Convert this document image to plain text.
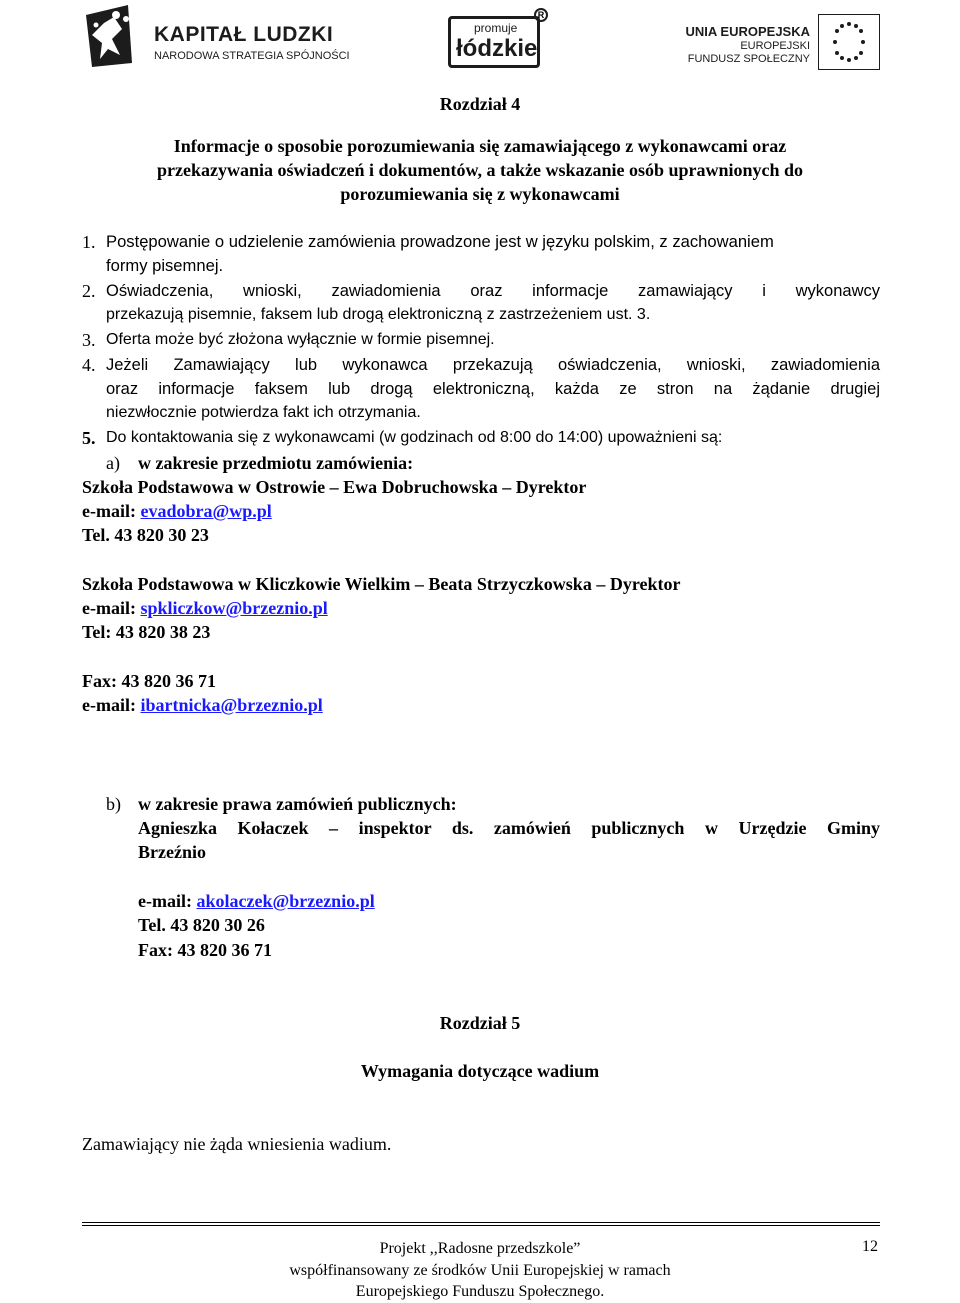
KAPITAŁ LUDZKI
NARODOWA STRATEGIA SPÓJNOŚCI
promuje
łódzkie
R
UNIA EUROPEJSKA
EUROPEJSKI
FUNDUSZ SPOŁECZNY
Rozdział 4
Informacje o sposobie porozumiewania się zamawiającego z wykonawcami oraz
przekazywania oświadczeń i dokumentów, a także wskazanie osób uprawnionych do
porozumiewania się z wykonawcami
1. Postępowanie o udzielenie zamówienia prowadzone jest w języku polskim, z zachowaniem
formy pisemnej.
2. Oświadczenia, wnioski, zawiadomienia oraz informacje zamawiający i wykonawcy
przekazują pisemnie, faksem lub drogą elektroniczną z zastrzeżeniem ust. 3.
3. Oferta może być złożona wyłącznie w formie pisemnej.
4. Jeżeli Zamawiający lub wykonawca przekazują oświadczenia, wnioski, zawiadomienia
oraz informacje faksem lub drogą elektroniczną, każda ze stron na żądanie drugiej
niezwłocznie potwierdza fakt ich otrzymania.
5. Do kontaktowania się z wykonawcami (w godzinach od 8:00 do 14:00) upoważnieni są:
a) w zakresie przedmiotu zamówienia:
Szkoła Podstawowa w Ostrowie – Ewa Dobruchowska – Dyrektor
e-mail: evadobra@wp.pl
Tel. 43 820 30 23
Szkoła Podstawowa w Kliczkowie Wielkim – Beata Strzyczkowska – Dyrektor
e-mail: spkliczkow@brzeznio.pl
Tel: 43 820 38 23
Fax: 43 820 36 71
e-mail: ibartnicka@brzeznio.pl
b) w zakresie prawa zamówień publicznych:
Agnieszka Kołaczek – inspektor ds. zamówień publicznych w Urzędzie Gminy
Brzeźnio
e-mail: akolaczek@brzeznio.pl
Tel. 43 820 30 26
Fax: 43 820 36 71
Rozdział 5
Wymagania dotyczące wadium
Zamawiający nie żąda wniesienia wadium.
Projekt ,,Radosne przedszkole”
współfinansowany ze środków Unii Europejskiej w ramach
Europejskiego Funduszu Społecznego.
12
